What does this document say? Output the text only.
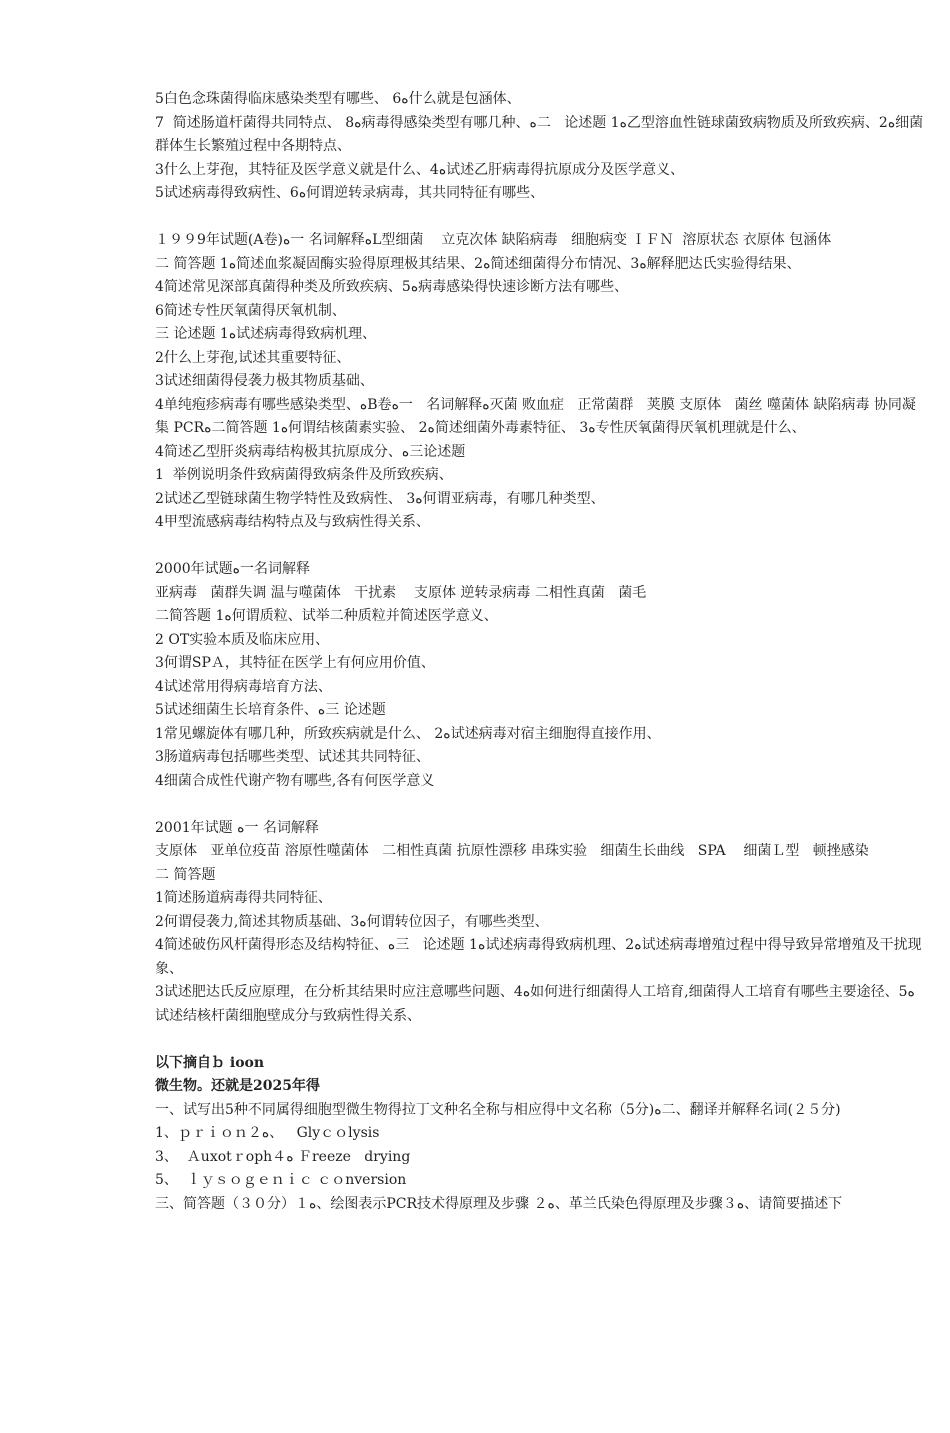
5白色念珠菌得临床感染类型有哪些、 6ﻩ什么就是包涵体、
7  简述肠道杆菌得共同特点、 8ﻩ病毒得感染类型有哪几种、ﻩ二   论述题 1ﻩ乙型溶血性链球菌致病物质及所致疾病、2ﻩ细菌群体生长繁殖过程中各期特点、
3什么上芽孢，其特征及医学意义就是什么、4ﻩ试述乙肝病毒得抗原成分及医学意义、
5试述病毒得致病性、6ﻩ何谓逆转录病毒，其共同特征有哪些、
１９９9年试题(A卷)ﻩ一 名词解释ﻩL型细菌    立克次体 缺陷病毒   细胞病变 ＩＦＮ  溶原状态 衣原体 包涵体
二 简答题 1ﻩ简述血浆凝固酶实验得原理极其结果、2ﻩ简述细菌得分布情况、3ﻩ解释肥达氏实验得结果、
4简述常见深部真菌得种类及所致疾病、5ﻩ病毒感染得快速诊断方法有哪些、
6简述专性厌氧菌得厌氧机制、
三 论述题 1ﻩ试述病毒得致病机理、
2什么上芽孢,试述其重要特征、
3试述细菌得侵袭力极其物质基础、
4单纯疱疹病毒有哪些感染类型、ﻩB卷ﻩ一   名词解释ﻩ灭菌 败血症   正常菌群   荚膜 支原体   菌丝 噬菌体 缺陷病毒 协同凝集 PCRﻩ二简答题 1ﻩ何谓结核菌素实验、 2ﻩ简述细菌外毒素特征、 3ﻩ专性厌氧菌得厌氧机理就是什么、
4简述乙型肝炎病毒结构极其抗原成分、ﻩ三论述题
1  举例说明条件致病菌得致病条件及所致疾病、
2试述乙型链球菌生物学特性及致病性、 3ﻩ何谓亚病毒，有哪几种类型、
4甲型流感病毒结构特点及与致病性得关系、
2000年试题ﻩ一名词解释
亚病毒   菌群失调 温与噬菌体   干扰素    支原体 逆转录病毒 二相性真菌   菌毛
二简答题 1ﻩ何谓质粒、试举二种质粒并简述医学意义、
2 OT实验本质及临床应用、
3何谓SPＡ，其特征在医学上有何应用价值、
4试述常用得病毒培育方法、
5试述细菌生长培育条件、ﻩ三 论述题
1常见螺旋体有哪几种，所致疾病就是什么、 2ﻩ试述病毒对宿主细胞得直接作用、
3肠道病毒包括哪些类型、试述其共同特征、
4细菌合成性代谢产物有哪些,各有何医学意义
2001年试题 ﻩ一 名词解释
支原体   亚单位疫苗 溶原性噬菌体   二相性真菌 抗原性漂移 串珠实验   细菌生长曲线   SPA    细菌Ｌ型   顿挫感染
二 简答题
1简述肠道病毒得共同特征、
2何谓侵袭力,简述其物质基础、3ﻩ何谓转位因子，有哪些类型、
4简述破伤风杆菌得形态及结构特征、ﻩ三   论述题 1ﻩ试述病毒得致病机理、2ﻩ试述病毒增殖过程中得导致异常增殖及干扰现象、
3试述肥达氏反应原理，在分析其结果时应注意哪些问题、4ﻩ如何进行细菌得人工培育,细菌得人工培育有哪些主要途径、5ﻩ试述结核杆菌细胞壁成分与致病性得关系、
以下摘自ｂ ioon
微生物。还就是2025年得
一、试写出5种不同属得细胞型微生物得拉丁文种名全称与相应得中文名称（5分)ﻩ二、翻译并解释名词(２５分)
1、ｐｒｉｏｎ２ﻩ、   Glyｃｏlysis
3、  Ａuxotｒoph４ﻩ Ｆreeze   drying
5、  ｌｙｓｏｇｅｎｉｃ ｃｏnversion
三、简答题（３０分）１ﻩ、绘图表示PCR技术得原理及步骤 ２ﻩ、革兰氏染色得原理及步骤３ﻩ、请简要描述下
